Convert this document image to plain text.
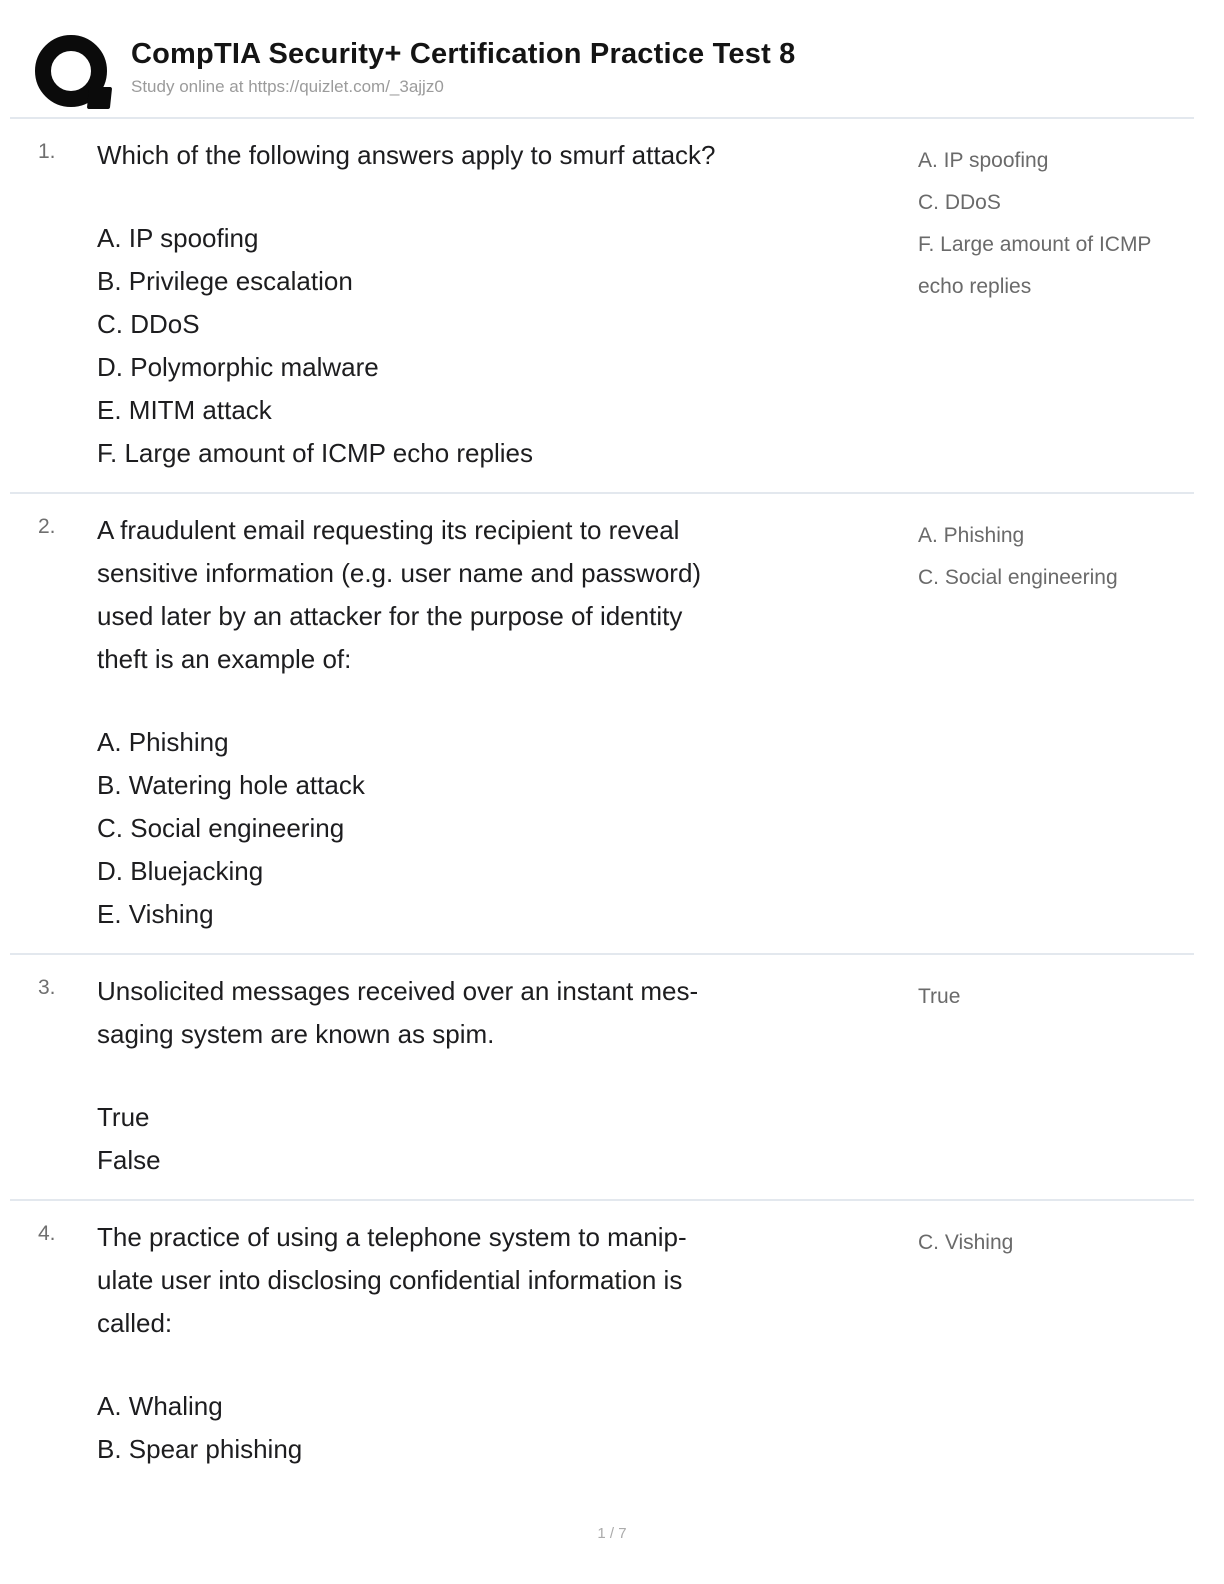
CompTIA Security+ Certification Practice Test 8
Study online at https://quizlet.com/_3ajjz0
1.	Which of the following answers apply to smurf attack?
A. IP spoofing
B. Privilege escalation
C. DDoS
D. Polymorphic malware
E. MITM attack
F. Large amount of ICMP echo replies
A. IP spoofing
C. DDoS
F. Large amount of ICMP echo replies
2.	A fraudulent email requesting its recipient to reveal
sensitive information (e.g. user name and password)
used later by an attacker for the purpose of identity
theft is an example of:
A. Phishing
B. Watering hole attack
C. Social engineering
D. Bluejacking
E. Vishing
A. Phishing
C. Social engineering
3.	Unsolicited messages received over an instant mes-
saging system are known as spim.
True
False
True
4.	The practice of using a telephone system to manip-
ulate user into disclosing confidential information is
called:
A. Whaling
B. Spear phishing
C. Vishing
1 / 7
